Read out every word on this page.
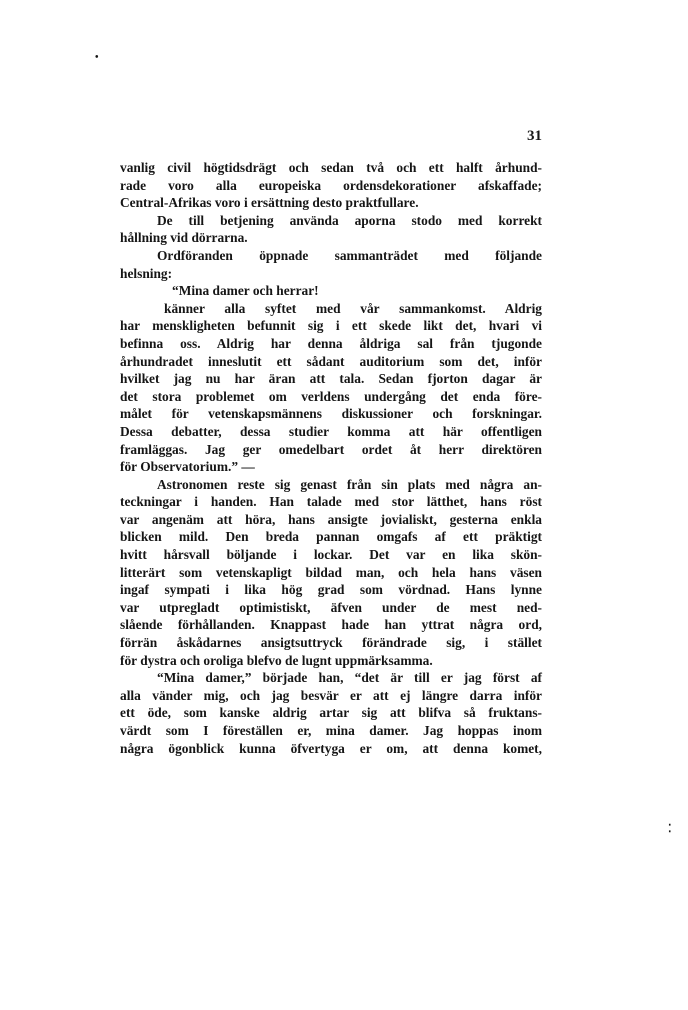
•
⁚
31
vanlig civil högtidsdrägt och sedan två och ett halft århund-
rade voro alla europeiska ordensdekorationer afskaffade;
Central-Afrikas voro i ersättning desto praktfullare.
De till betjening använda aporna stodo med korrekt
hållning vid dörrarna.
Ordföranden öppnade sammanträdet med följande
helsning:
“Mina damer och herrar!
känner alla syftet med vår sammankomst. Aldrig
har menskligheten befunnit sig i ett skede likt det, hvari vi
befinna oss. Aldrig har denna åldriga sal från tjugonde
århundradet inneslutit ett sådant auditorium som det, inför
hvilket jag nu har äran att tala. Sedan fjorton dagar är
det stora problemet om verldens undergång det enda före-
målet för vetenskapsmännens diskussioner och forskningar.
Dessa debatter, dessa studier komma att här offentligen
framläggas. Jag ger omedelbart ordet åt herr direktören
för Observatorium.” —
Astronomen reste sig genast från sin plats med några an-
teckningar i handen. Han talade med stor lätthet, hans röst
var angenäm att höra, hans ansigte jovialiskt, gesterna enkla
blicken mild. Den breda pannan omgafs af ett präktigt
hvitt hårsvall böljande i lockar. Det var en lika skön-
litterärt som vetenskapligt bildad man, och hela hans väsen
ingaf sympati i lika hög grad som vördnad. Hans lynne
var utpregladt optimistiskt, äfven under de mest ned-
slående förhållanden. Knappast hade han yttrat några ord,
förrän åskådarnes ansigtsuttryck förändrade sig, i stället
för dystra och oroliga blefvo de lugnt uppmärksamma.
“Mina damer,” började han, “det är till er jag först af
alla vänder mig, och jag besvär er att ej längre darra inför
ett öde, som kanske aldrig artar sig att blifva så fruktans-
värdt som I föreställen er, mina damer. Jag hoppas inom
några ögonblick kunna öfvertyga er om, att denna komet,
